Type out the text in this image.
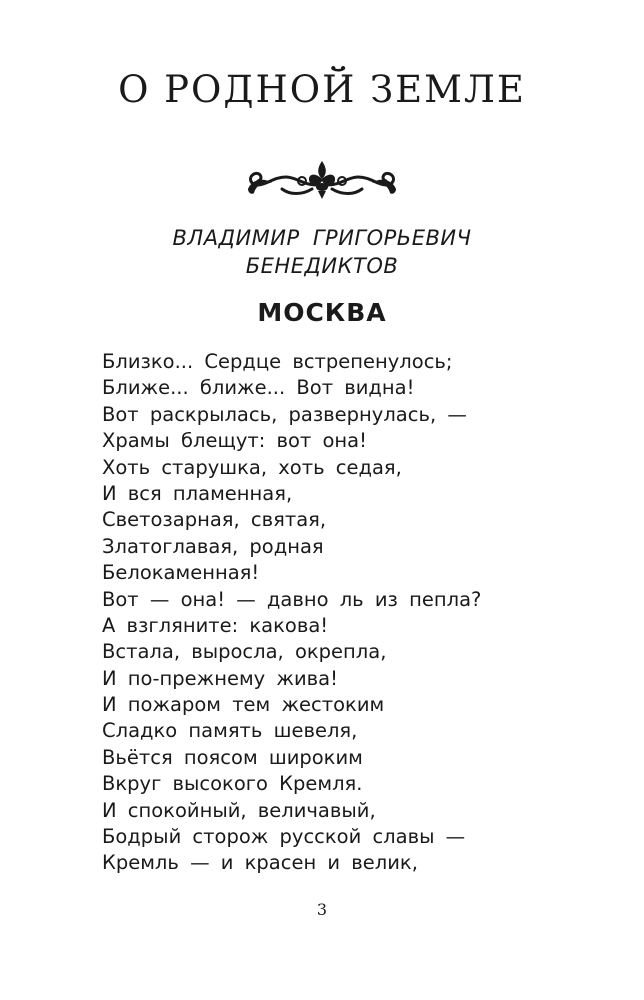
О РОДНОЙ ЗЕМЛЕ
ВЛАДИМИР ГРИГОРЬЕВИЧ
БЕНЕДИКТОВ
МОСКВА
Близко... Сердце встрепенулось;
Ближе... ближе... Вот видна!
Вот раскрылась, развернулась, —
Храмы блещут: вот она!
Хоть старушка, хоть седая,
И вся пламенная,
Светозарная, святая,
Златоглавая, родная
Белокаменная!
Вот — она! — давно ль из пепла?
А взгляните: какова!
Встала, выросла, окрепла,
И по-прежнему жива!
И пожаром тем жестоким
Сладко память шевеля,
Вьётся поясом широким
Вкруг высокого Кремля.
И спокойный, величавый,
Бодрый сторож русской славы —
Кремль — и красен и велик,
3
